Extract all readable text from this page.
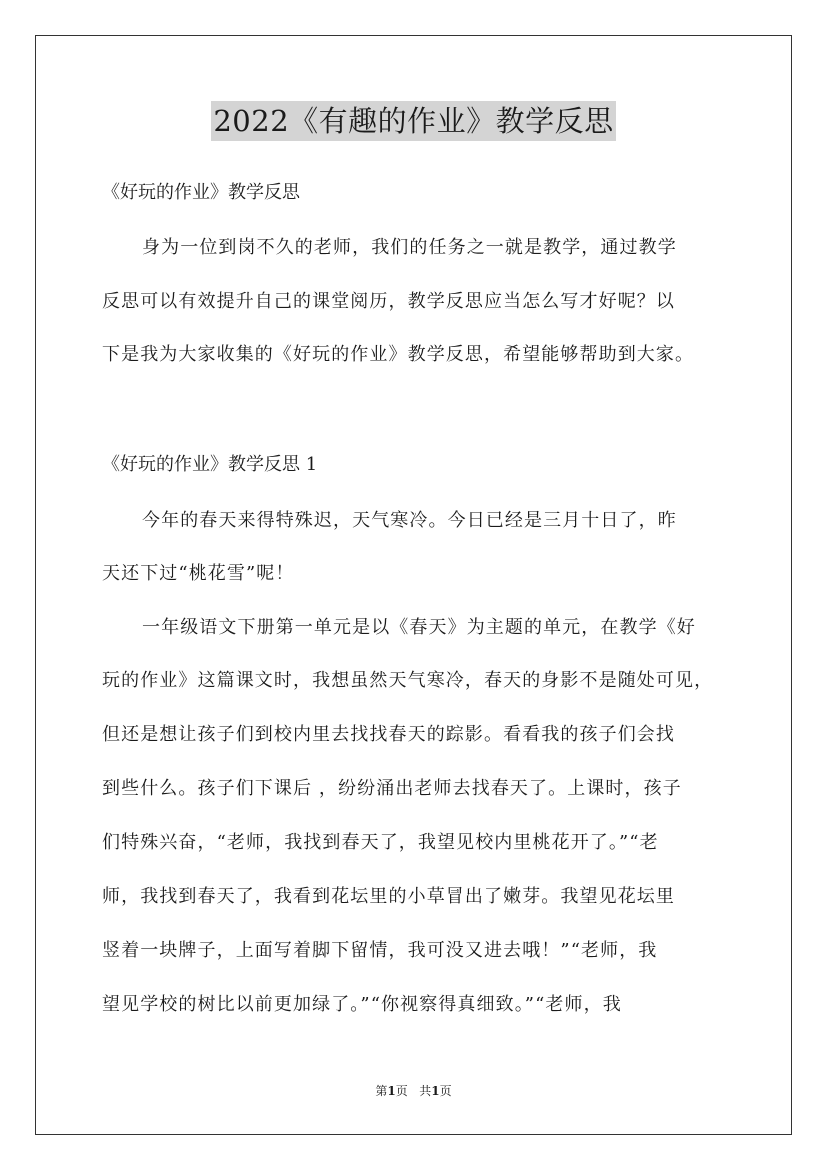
2022《有趣的作业》教学反思
《好玩的作业》教学反思
身为一位到岗不久的老师，我们的任务之一就是教学，通过教学
反思可以有效提升自己的课堂阅历，教学反思应当怎么写才好呢？以
下是我为大家收集的《好玩的作业》教学反思，希望能够帮助到大家。
《好玩的作业》教学反思 1
今年的春天来得特殊迟，天气寒冷。今日已经是三月十日了，昨
天还下过“桃花雪”呢！
一年级语文下册第一单元是以《春天》为主题的单元，在教学《好
玩的作业》这篇课文时，我想虽然天气寒冷，春天的身影不是随处可见，
但还是想让孩子们到校内里去找找春天的踪影。看看我的孩子们会找
到些什么。孩子们下课后 ，纷纷涌出老师去找春天了。上课时，孩子
们特殊兴奋，“老师，我找到春天了，我望见校内里桃花开了。”“老
师，我找到春天了，我看到花坛里的小草冒出了嫩芽。我望见花坛里
竖着一块牌子，上面写着脚下留情，我可没又进去哦！”“老师，我
望见学校的树比以前更加绿了。”“你视察得真细致。”“老师，我
第1页 共1页
